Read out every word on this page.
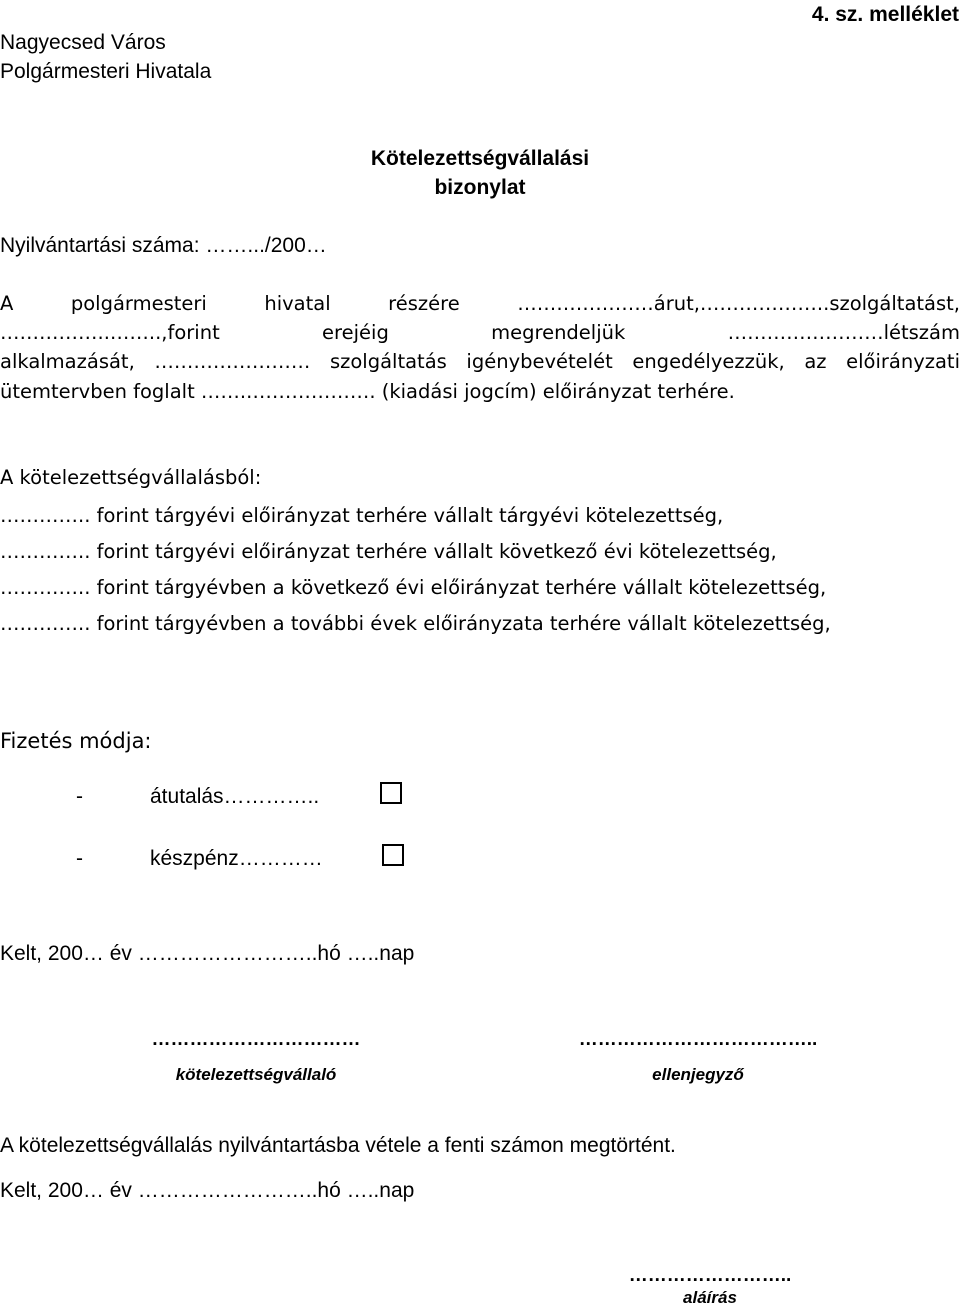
Nagyecsed Város
Polgármesteri Hivatala
4. sz. melléklet
Kötelezettségvállalási
bizonylat
Nyilvántartási száma: …….../200…
A polgármesteri hivatal részére …………………árut,………………..szolgáltatást,
……………..……..,forint erejéig megrendeljük ……………………létszám
alkalmazását, …………………… szolgáltatás igénybevételét engedélyezzük, az előirányzati
ütemtervben foglalt ……..………………. (kiadási jogcím) előirányzat terhére.
A kötelezettségvállalásból:
………….. forint tárgyévi előirányzat terhére vállalt tárgyévi kötelezettség,
………….. forint tárgyévi előirányzat terhére vállalt következő évi kötelezettség,
………….. forint tárgyévben a következő évi előirányzat terhére vállalt kötelezettség,
………….. forint tárgyévben a további évek előirányzata terhére vállalt kötelezettség,
Fizetés módja:
-	átutalás…………..
-	készpénz…………
Kelt, 200… év ……………………..hó …..nap
……………………………
kötelezettségvállaló
………………………………..
ellenjegyző
A kötelezettségvállalás nyilvántartásba vétele a fenti számon megtörtént.
Kelt, 200… év ……………………..hó …..nap
……………………..
aláírás
